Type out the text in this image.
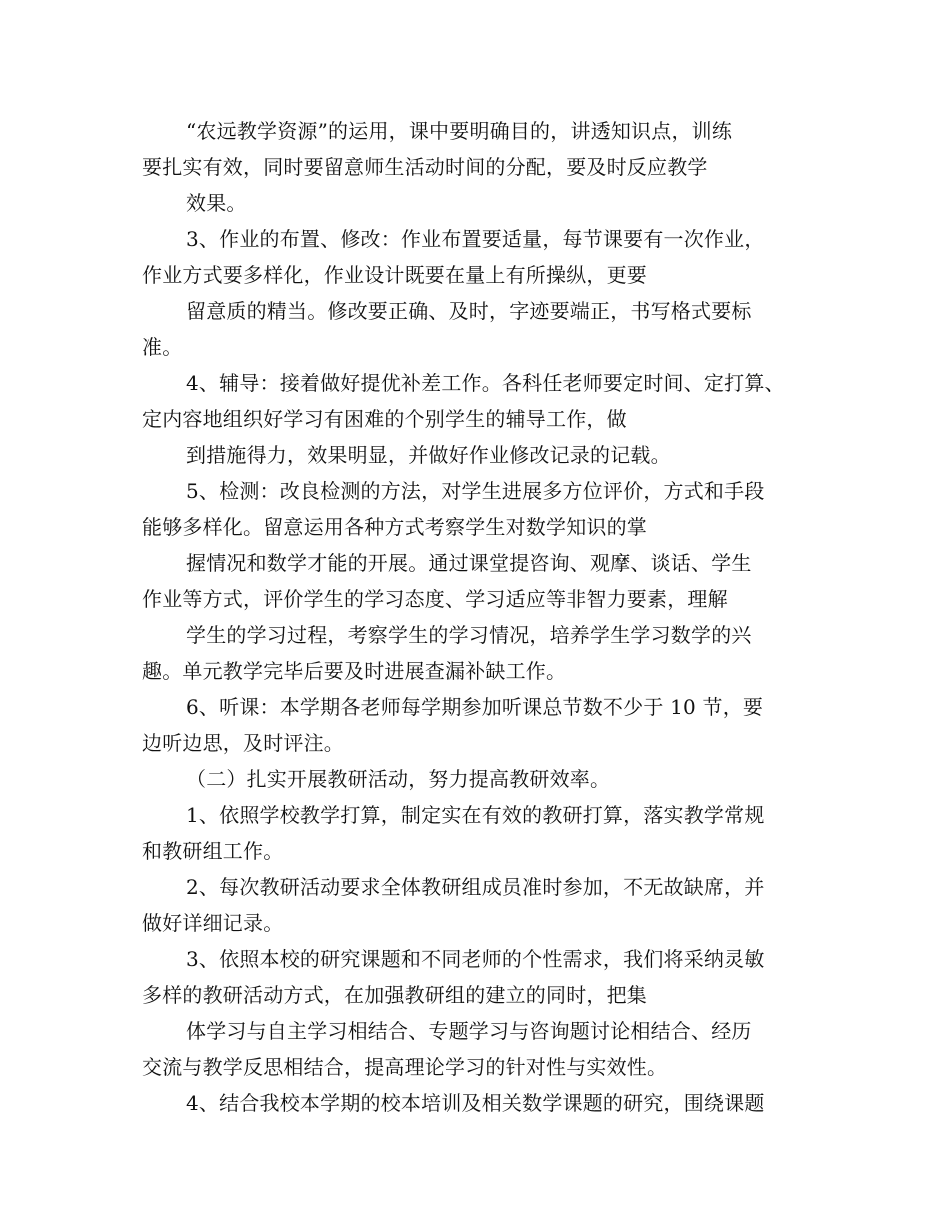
“农远教学资源”的运用，课中要明确目的，讲透知识点，训练

要扎实有效，同时要留意师生活动时间的分配，要及时反应教学

效果。

3、作业的布置、修改：作业布置要适量，每节课要有一次作业，

作业方式要多样化，作业设计既要在量上有所操纵，更要

留意质的精当。修改要正确、及时，字迹要端正，书写格式要标

准。

4、辅导：接着做好提优补差工作。各科任老师要定时间、定打算、

定内容地组织好学习有困难的个别学生的辅导工作，做

到措施得力，效果明显，并做好作业修改记录的记载。

5、检测：改良检测的方法，对学生进展多方位评价，方式和手段

能够多样化。留意运用各种方式考察学生对数学知识的掌

握情况和数学才能的开展。通过课堂提咨询、观摩、谈话、学生

作业等方式，评价学生的学习态度、学习适应等非智力要素，理解

学生的学习过程，考察学生的学习情况，培养学生学习数学的兴

趣。单元教学完毕后要及时进展查漏补缺工作。

6、听课：本学期各老师每学期参加听课总节数不少于 10 节，要

边听边思，及时评注。

（二）扎实开展教研活动，努力提高教研效率。

1、依照学校教学打算，制定实在有效的教研打算，落实教学常规

和教研组工作。

2、每次教研活动要求全体教研组成员准时参加，不无故缺席，并

做好详细记录。

3、依照本校的研究课题和不同老师的个性需求，我们将采纳灵敏

多样的教研活动方式，在加强教研组的建立的同时，把集

体学习与自主学习相结合、专题学习与咨询题讨论相结合、经历

交流与教学反思相结合，提高理论学习的针对性与实效性。

4、结合我校本学期的校本培训及相关数学课题的研究，围绕课题
